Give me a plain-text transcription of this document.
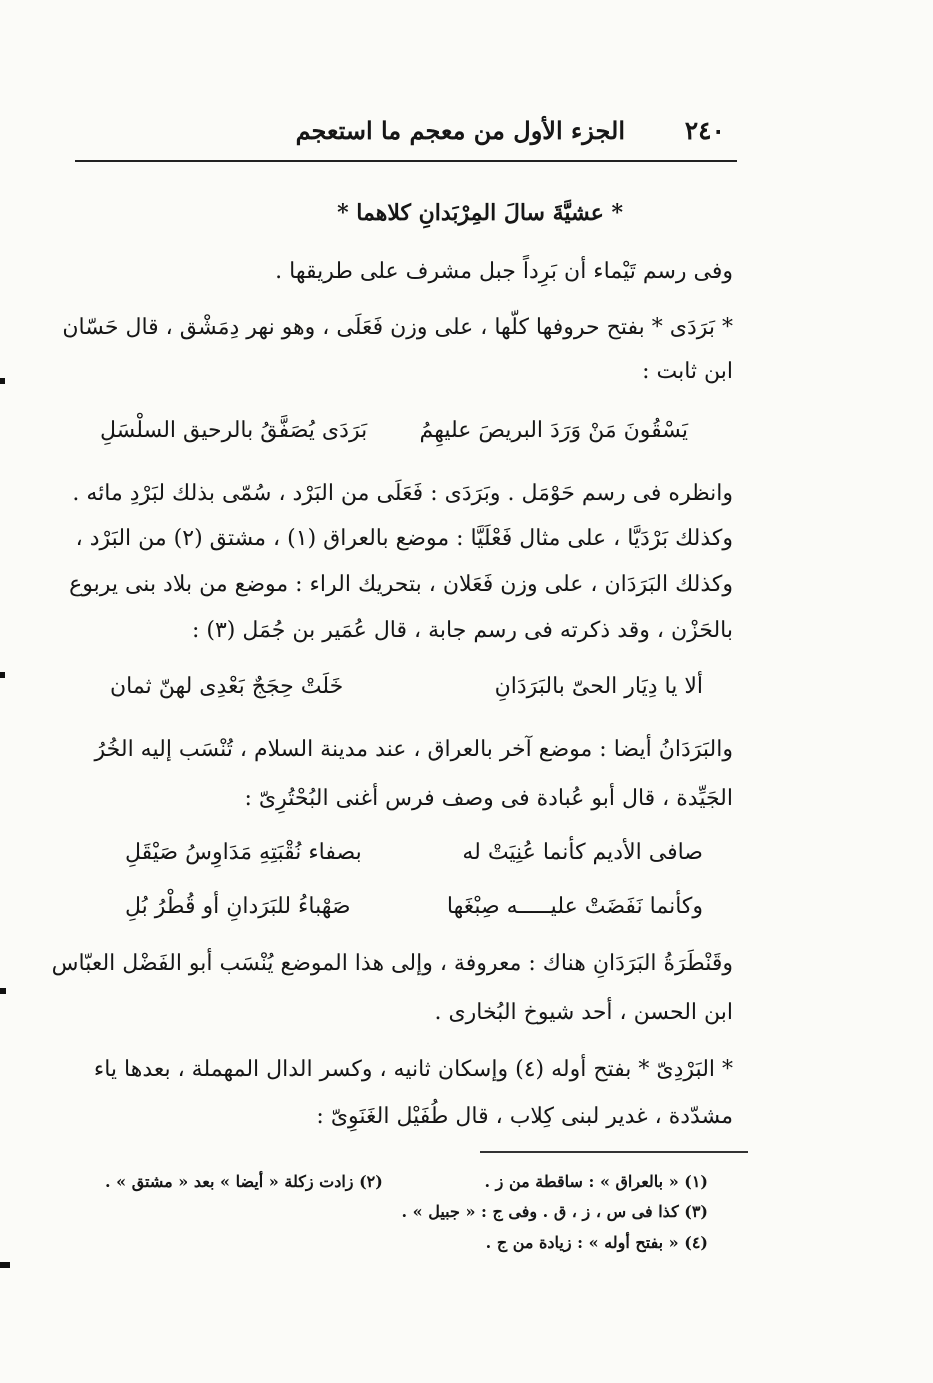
٢٤٠
الجزء الأول من معجم ما استعجم
* عشيَّةَ سالَ المِرْبَدانِ كلاهما *
وفى رسم تَيْماء أن بَرِداً جبل مشرف على طريقها .
* بَرَدَى * بفتح حروفها كلّها ، على وزن فَعَلَى ، وهو نهر دِمَشْق ، قال حَسّان
ابن ثابت :
يَسْقُونَ مَنْ وَرَدَ البريصَ عليهِمُ
بَرَدَى يُصَفَّقُ بالرحيق السلْسَلِ
وانظره فى رسم حَوْمَل . وبَرَدَى : فَعَلَى من البَرْد ، سُمّى بذلك لبَرْدِ مائه .
وكذلك بَرْدَيَّا ، على مثال فَعْلَيَّا : موضع بالعراق (١) ، مشتق (٢) من البَرْد ،
وكذلك البَرَدَان ، على وزن فَعَلان ، بتحريك الراء : موضع من بلاد بنى يربوع
بالحَزْن ، وقد ذكرته فى رسم جابة ، قال عُمَير بن جُمَل (٣) :
ألا يا دِيَار الحىّ بالبَرَدَانِ
خَلَتْ حِجَجٌ بَعْدِى لهنّ ثمان
والبَرَدَانُ أيضا : موضع آخر بالعراق ، عند مدينة السلام ، تُنْسَب إليه الخُرُ
الجَيِّدة ، قال أبو عُبادة فى وصف فرس أغنى البُحْتُرِىّ :
صافى الأديم كأنما عُنِيَتْ له
بصفاء نُقْبَتِهِ مَدَاوِسُ صَيْقَلِ
وكأنما نَفَضَتْ عليـــــه صِبْغَها
صَهْباءُ للبَرَدانِ أو قُطْرُ بُلِ
وقَنْطَرَةُ البَرَدَانِ هناك : معروفة ، وإلى هذا الموضع يُنْسَب أبو الفَضْل العبّاس
ابن الحسن ، أحد شيوخ البُخارى .
* البَرْدِىّ * بفتح أوله (٤) وإسكان ثانيه ، وكسر الدال المهملة ، بعدها ياء
مشدّدة ، غدير لبنى كِلاب ، قال طُفَيْل الغَنَوِىّ :
(١) « بالعراق » : ساقطة من ز .
(٢) زادت زكلة « أيضا » بعد « مشتق » .
(٣) كذا فى س ، ز ، ق . وفى ج : « جبيل » .
(٤) « بفتح أوله » : زيادة من ج .
